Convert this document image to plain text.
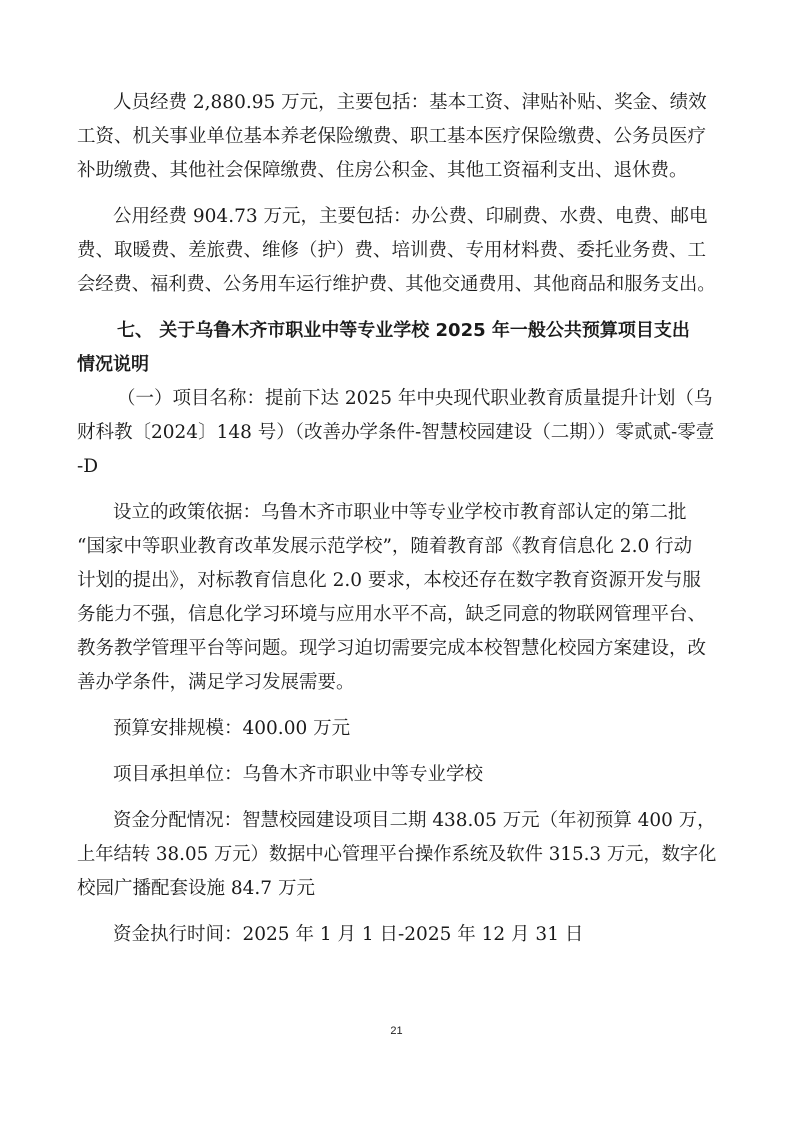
人员经费 2,880.95 万元，主要包括：基本工资、津贴补贴、奖金、绩效
工资、机关事业单位基本养老保险缴费、职工基本医疗保险缴费、公务员医疗
补助缴费、其他社会保障缴费、住房公积金、其他工资福利支出、退休费。
公用经费 904.73 万元，主要包括：办公费、印刷费、水费、电费、邮电
费、取暖费、差旅费、维修（护）费、培训费、专用材料费、委托业务费、工
会经费、福利费、公务用车运行维护费、其他交通费用、其他商品和服务支出。
七、 关于乌鲁木齐市职业中等专业学校 2025 年一般公共预算项目支出
情况说明
（一）项目名称：提前下达 2025 年中央现代职业教育质量提升计划（乌
财科教〔2024〕148 号）（改善办学条件-智慧校园建设（二期））零贰贰-零壹
-D
设立的政策依据：乌鲁木齐市职业中等专业学校市教育部认定的第二批
“国家中等职业教育改革发展示范学校”，随着教育部《教育信息化 2.0 行动
计划的提出》，对标教育信息化 2.0 要求，本校还存在数字教育资源开发与服
务能力不强，信息化学习环境与应用水平不高，缺乏同意的物联网管理平台、
教务教学管理平台等问题。现学习迫切需要完成本校智慧化校园方案建设，改
善办学条件，满足学习发展需要。
预算安排规模：400.00 万元
项目承担单位：乌鲁木齐市职业中等专业学校
资金分配情况：智慧校园建设项目二期 438.05 万元（年初预算 400 万，
上年结转 38.05 万元）数据中心管理平台操作系统及软件 315.3 万元，数字化
校园广播配套设施 84.7 万元
资金执行时间：2025 年 1 月 1 日-2025 年 12 月 31 日
21
